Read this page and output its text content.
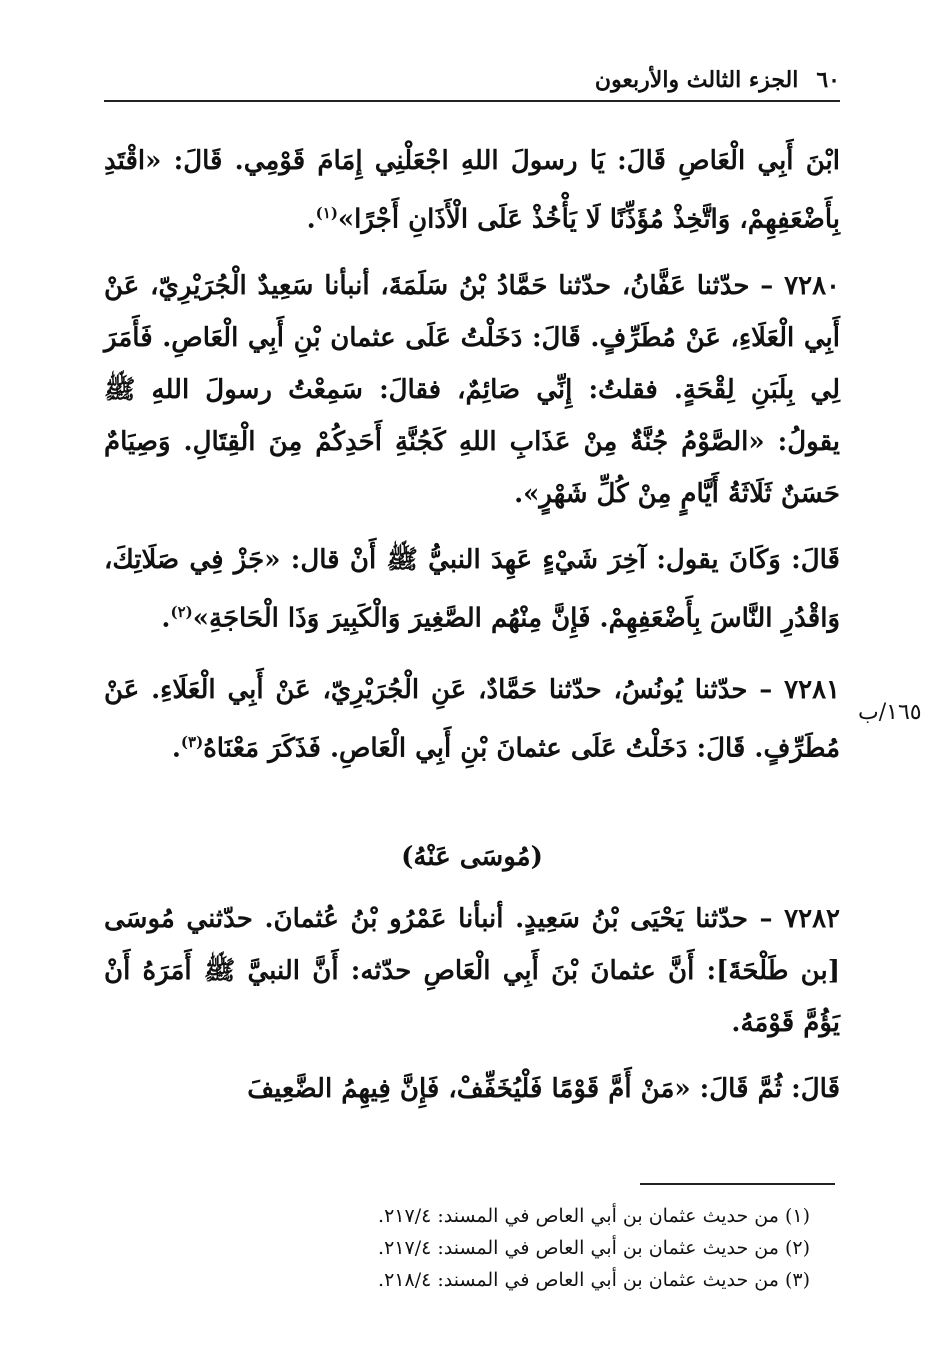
٦٠
الجزء الثالث والأربعون

ابْنَ أَبِي الْعَاصِ قَالَ: يَا رسولَ اللهِ اجْعَلْنِي إِمَامَ قَوْمِي. قَالَ: «اقْتَدِ بِأَضْعَفِهِمْ، وَاتَّخِذْ مُؤَذِّنًا لَا يَأْخُذْ عَلَى الْأَذَانِ أَجْرًا»$^{(١)}$.

٧٢٨٠ – حدّثنا عَفَّانُ، حدّثنا حَمَّادُ بْنُ سَلَمَةَ، أنبأنا سَعِيدٌ الْجُرَيْرِيّ، عَنْ أَبِي الْعَلَاءِ، عَنْ مُطَرِّفٍ. قَالَ: دَخَلْتُ عَلَى عثمان بْنِ أَبِي الْعَاصِ. فَأَمَرَ لِي بِلَبَنِ لِقْحَةٍ. فقلتُ: إِنِّي صَائِمٌ، فقالَ: سَمِعْتُ رسولَ اللهِ ﷺ يقولُ: «الصَّوْمُ جُنَّةٌ مِنْ عَذَابِ اللهِ كَجُنَّةِ أَحَدِكُمْ مِنَ الْقِتَالِ. وَصِيَامٌ حَسَنٌ ثَلَاثَةُ أَيَّامٍ مِنْ كُلِّ شَهْرٍ».

قَالَ: وَكَانَ يقول: آخِرَ شَيْءٍ عَهِدَ النبيُّ ﷺ أَنْ قال: «جَزْ فِي صَلَاتِكَ، وَاقْدُرِ النَّاسَ بِأَضْعَفِهِمْ. فَإِنَّ مِنْهُم الصَّغِيرَ وَالْكَبِيرَ وَذَا الْحَاجَةِ»$^{(٢)}$.

٧٢٨١ – حدّثنا يُونُسُ، حدّثنا حَمَّادٌ، عَنِ الْجُرَيْرِيّ، عَنْ أَبِي الْعَلَاءِ. عَنْ مُطَرِّفٍ. قَالَ: دَخَلْتُ عَلَى عثمانَ بْنِ أَبِي الْعَاصِ. فَذَكَرَ مَعْنَاهُ$^{(٣)}$.

(مُوسَى عَنْهُ)

٧٢٨٢ – حدّثنا يَحْيَى بْنُ سَعِيدٍ. أنبأنا عَمْرُو بْنُ عُثمانَ. حدّثني مُوسَى [بن طَلْحَةَ]: أَنَّ عثمانَ بْنَ أَبِي الْعَاصِ حدّثه: أَنَّ النبيَّ ﷺ أَمَرَهُ أَنْ يَؤُمَّ قَوْمَهُ.

قَالَ: ثُمَّ قَالَ: «مَنْ أَمَّ قَوْمًا فَلْيُخَفِّفْ، فَإِنَّ فِيهِمُ الضَّعِيفَ

١٦٥/ب

(١) من حديث عثمان بن أبي العاص في المسند: ٢١٧/٤.

(٢) من حديث عثمان بن أبي العاص في المسند: ٢١٧/٤.

(٣) من حديث عثمان بن أبي العاص في المسند: ٢١٨/٤.
